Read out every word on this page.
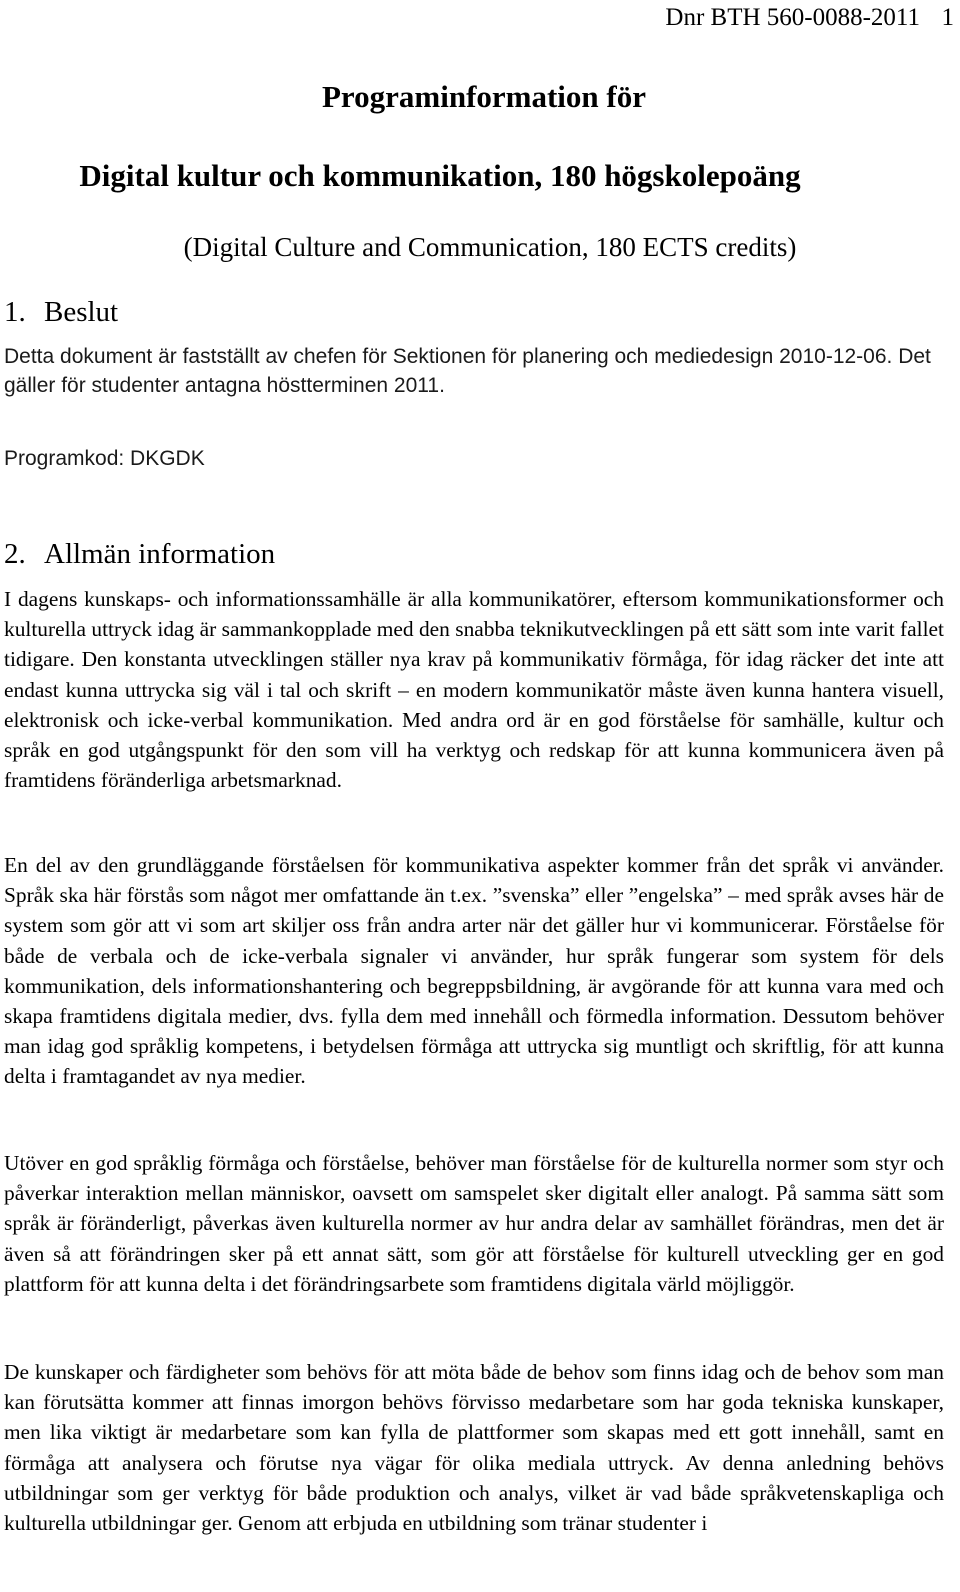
Dnr BTH 560-0088-2011 1
Programinformation för
Digital kultur och kommunikation, 180 högskolepoäng
(Digital Culture and Communication, 180 ECTS credits)
1. Beslut
Detta dokument är fastställt av chefen för Sektionen för planering och mediedesign 2010-12-06. Det gäller för studenter antagna höstterminen 2011.
Programkod: DKGDK
2. Allmän information

I dagens kunskaps- och informationssamhälle är alla kommunikatörer, eftersom kommunikationsformer och kulturella uttryck idag är sammankopplade med den snabba teknikutvecklingen på ett sätt som inte varit fallet tidigare. Den konstanta utvecklingen ställer nya krav på kommunikativ förmåga, för idag räcker det inte att endast kunna uttrycka sig väl i tal och skrift – en modern kommunikatör måste även kunna hantera visuell, elektronisk och icke-verbal kommunikation. Med andra ord är en god förståelse för samhälle, kultur och språk en god utgångspunkt för den som vill ha verktyg och redskap för att kunna kommunicera även på framtidens föränderliga arbetsmarknad.

En del av den grundläggande förståelsen för kommunikativa aspekter kommer från det språk vi använder. Språk ska här förstås som något mer omfattande än t.ex. ”svenska” eller ”engelska” – med språk avses här de system som gör att vi som art skiljer oss från andra arter när det gäller hur vi kommunicerar. Förståelse för både de verbala och de icke-verbala signaler vi använder, hur språk fungerar som system för dels kommunikation, dels informationshantering och begreppsbildning, är avgörande för att kunna vara med och skapa framtidens digitala medier, dvs. fylla dem med innehåll och förmedla information. Dessutom behöver man idag god språklig kompetens, i betydelsen förmåga att uttrycka sig muntligt och skriftlig, för att kunna delta i framtagandet av nya medier.

Utöver en god språklig förmåga och förståelse, behöver man förståelse för de kulturella normer som styr och påverkar interaktion mellan människor, oavsett om samspelet sker digitalt eller analogt. På samma sätt som språk är föränderligt, påverkas även kulturella normer av hur andra delar av samhället förändras, men det är även så att förändringen sker på ett annat sätt, som gör att förståelse för kulturell utveckling ger en god plattform för att kunna delta i det förändringsarbete som framtidens digitala värld möjliggör.

De kunskaper och färdigheter som behövs för att möta både de behov som finns idag och de behov som man kan förutsätta kommer att finnas imorgon behövs förvisso medarbetare som har goda tekniska kunskaper, men lika viktigt är medarbetare som kan fylla de plattformer som skapas med ett gott innehåll, samt en förmåga att analysera och förutse nya vägar för olika mediala uttryck. Av denna anledning behövs utbildningar som ger verktyg för både produktion och analys, vilket är vad både språkvetenskapliga och kulturella utbildningar ger. Genom att erbjuda en utbildning som tränar studenter i
